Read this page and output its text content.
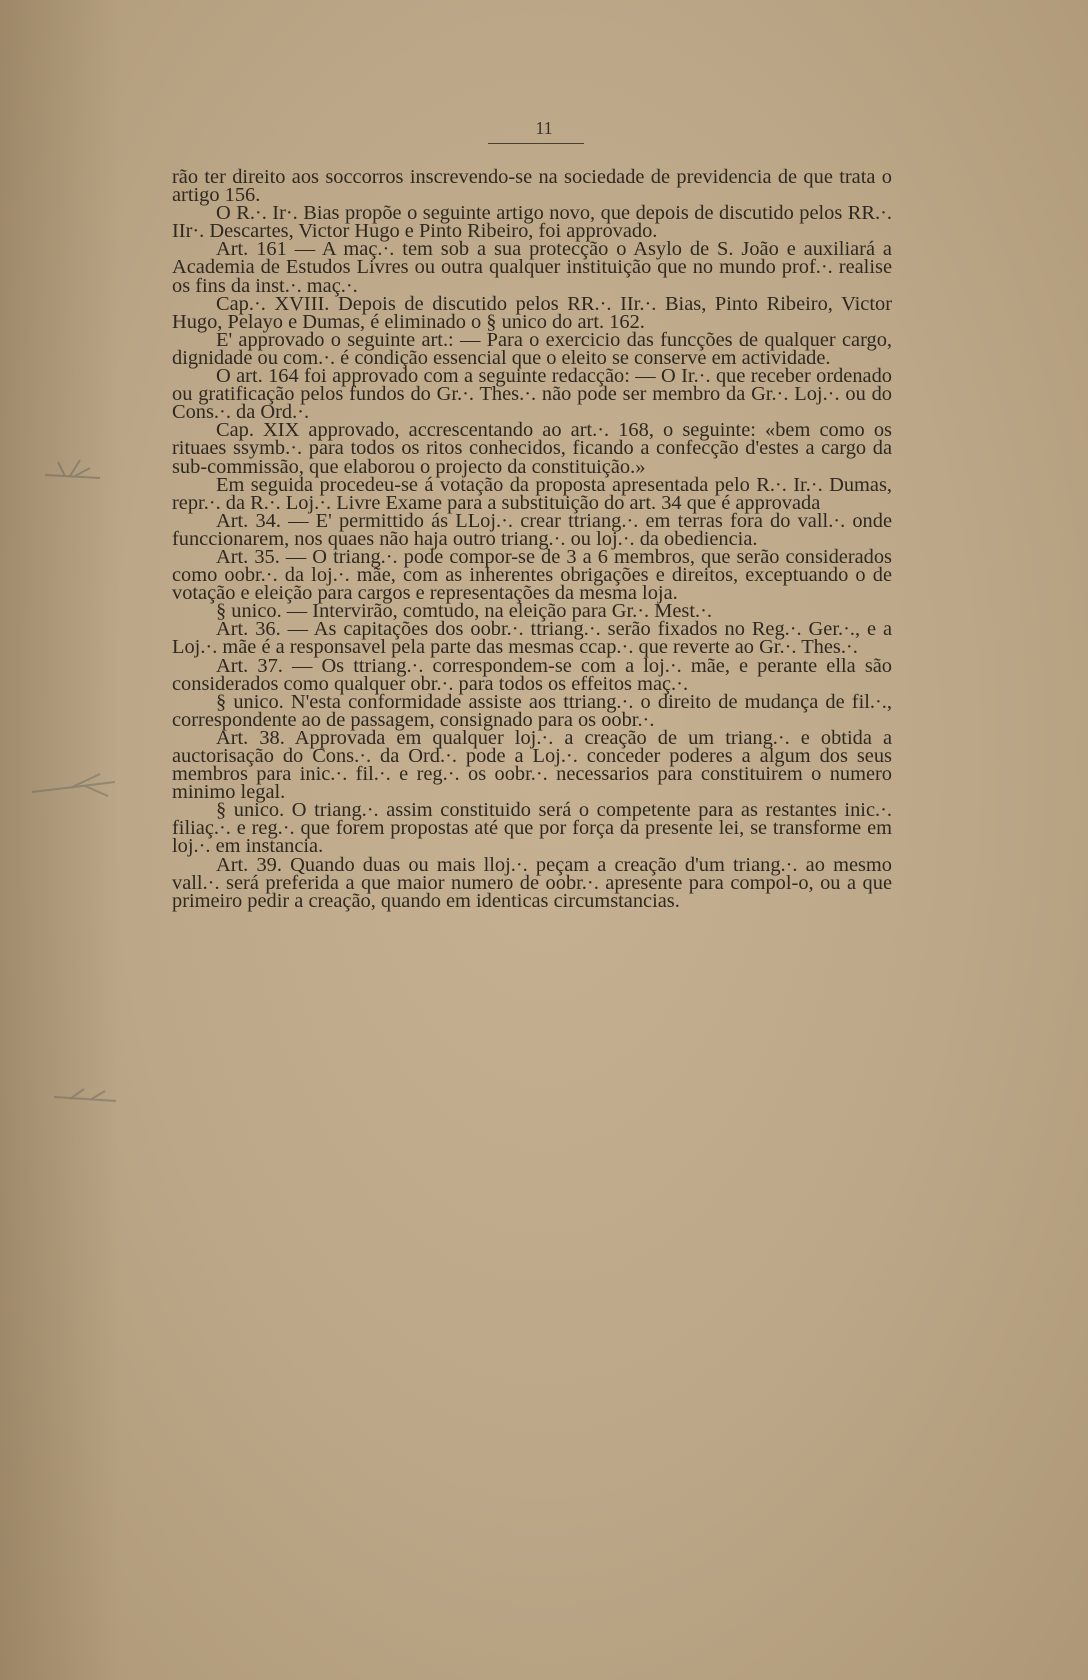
11

rão ter direito aos soccorros inscrevendo-se na sociedade de previdencia de que trata o artigo 156.

O R.·. Ir·. Bias propõe o seguinte artigo novo, que depois de discutido pelos RR.·. IIr·. Descartes, Victor Hugo e Pinto Ribeiro, foi approvado.

Art. 161 — A maç.·. tem sob a sua protecção o Asylo de S. João e auxiliará a Academia de Estudos Livres ou outra qualquer instituição que no mundo prof.·. realise os fins da inst.·. maç.·.

Cap.·. XVIII. Depois de discutido pelos RR.·. IIr.·. Bias, Pinto Ribeiro, Victor Hugo, Pelayo e Dumas, é eliminado o § unico do art. 162.

E' approvado o seguinte art.: — Para o exercicio das funcções de qualquer cargo, dignidade ou com.·. é condição essencial que o eleito se conserve em actividade.

O art. 164 foi approvado com a seguinte redacção: — O Ir.·. que receber ordenado ou gratificação pelos fundos do Gr.·. Thes.·. não pode ser membro da Gr.·. Loj.·. ou do Cons.·. da Ord.·.

Cap. XIX approvado, accrescentando ao art.·. 168, o seguinte: «bem como os rituaes ssymb.·. para todos os ritos conhecidos, ficando a confecção d'estes a cargo da sub-commissão, que elaborou o projecto da constituição.»

Em seguida procedeu-se á votação da proposta apresentada pelo R.·. Ir.·. Dumas, repr.·. da R.·. Loj.·. Livre Exame para a substituição do art. 34 que é approvada

Art. 34. — E' permittido ás LLoj.·. crear ttriang.·. em terras fora do vall.·. onde funccionarem, nos quaes não haja outro triang.·. ou loj.·. da obediencia.

Art. 35. — O triang.·. pode compor-se de 3 a 6 membros, que serão considerados como oobr.·. da loj.·. mãe, com as inherentes obrigações e direitos, exceptuando o de votação e eleição para cargos e representações da mesma loja.

§ unico. — Intervirão, comtudo, na eleição para Gr.·. Mest.·.

Art. 36. — As capitações dos oobr.·. ttriang.·. serão fixados no Reg.·. Ger.·., e a Loj.·. mãe é a responsavel pela parte das mesmas ccap.·. que reverte ao Gr.·. Thes.·.

Art. 37. — Os ttriang.·. correspondem-se com a loj.·. mãe, e perante ella são considerados como qualquer obr.·. para todos os effeitos maç.·.

§ unico. N'esta conformidade assiste aos ttriang.·. o direito de mudança de fil.·., correspondente ao de passagem, consignado para os oobr.·.

Art. 38. Approvada em qualquer loj.·. a creação de um triang.·. e obtida a auctorisação do Cons.·. da Ord.·. pode a Loj.·. conceder poderes a algum dos seus membros para inic.·. fil.·. e reg.·. os oobr.·. necessarios para constituirem o numero minimo legal.

§ unico. O triang.·. assim constituido será o competente para as restantes inic.·. filiaç.·. e reg.·. que forem propostas até que por força da presente lei, se transforme em loj.·. em instancia.

Art. 39. Quando duas ou mais lloj.·. peçam a creação d'um triang.·. ao mesmo vall.·. será preferida a que maior numero de oobr.·. apresente para compol-o, ou a que primeiro pedir a creação, quando em identicas circumstancias.
